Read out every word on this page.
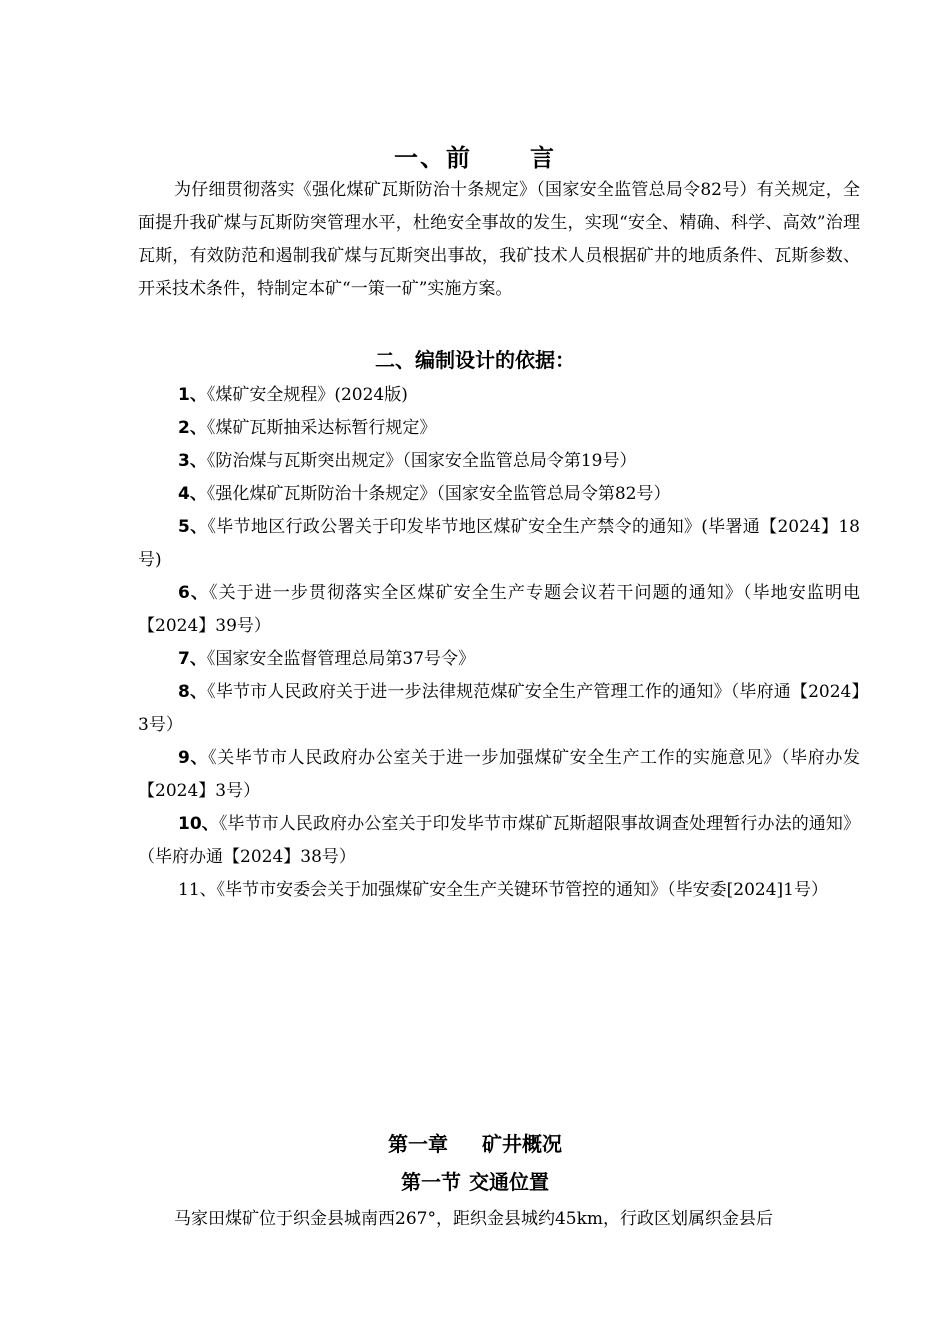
一、前 言

为仔细贯彻落实《强化煤矿瓦斯防治十条规定》（国家安全监管总局令82号）有关规定，全面提升我矿煤与瓦斯防突管理水平，杜绝安全事故的发生，实现“安全、精确、科学、高效”治理瓦斯，有效防范和遏制我矿煤与瓦斯突出事故，我矿技术人员根据矿井的地质条件、瓦斯参数、开采技术条件，特制定本矿“一策一矿”实施方案。

二、编制设计的依据：
1、《煤矿安全规程》(2024版)
2、《煤矿瓦斯抽采达标暂行规定》
3、《防治煤与瓦斯突出规定》（国家安全监管总局令第19号）
4、《强化煤矿瓦斯防治十条规定》（国家安全监管总局令第82号）
5、《毕节地区行政公署关于印发毕节地区煤矿安全生产禁令的通知》(毕署通【2024】18号)
6、《关于进一步贯彻落实全区煤矿安全生产专题会议若干问题的通知》（毕地安监明电【2024】39号）
7、《国家安全监督管理总局第37号令》
8、《毕节市人民政府关于进一步法律规范煤矿安全生产管理工作的通知》（毕府通【2024】3号）
9、《关毕节市人民政府办公室关于进一步加强煤矿安全生产工作的实施意见》（毕府办发【2024】3号）
10、《毕节市人民政府办公室关于印发毕节市煤矿瓦斯超限事故调查处理暂行办法的通知》（毕府办通【2024】38号）
11、《毕节市安委会关于加强煤矿安全生产关键环节管控的通知》（毕安委[2024]1号）
第一章 矿井概况
第一节 交通位置

马家田煤矿位于织金县城南西267°，距织金县城约45km，行政区划属织金县后
